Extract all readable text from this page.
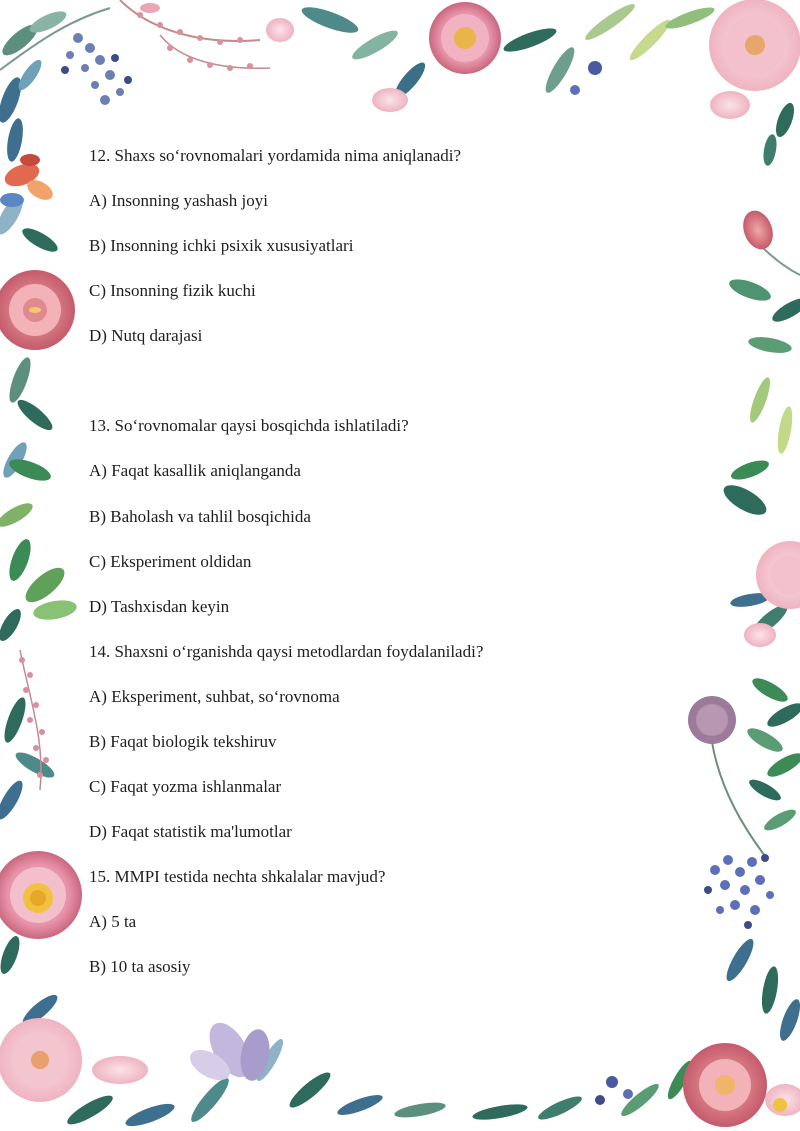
12. Shaxs so‘rovnomalari yordamida nima aniqlanadi?
A) Insonning yashash joyi
B) Insonning ichki psixik xususiyatlari
C) Insonning fizik kuchi
D) Nutq darajasi
13. So‘rovnomalar qaysi bosqichda ishlatiladi?
A) Faqat kasallik aniqlanganda
B) Baholash va tahlil bosqichida
C) Eksperiment oldidan
D) Tashxisdan keyin
14. Shaxsni o‘rganishda qaysi metodlardan foydalaniladi?
A) Eksperiment, suhbat, so‘rovnoma
B) Faqat biologik tekshiruv
C) Faqat yozma ishlanmalar
D) Faqat statistik ma'lumotlar
15. MMPI testida nechta shkalalar mavjud?
A) 5 ta
B) 10 ta asosiy
